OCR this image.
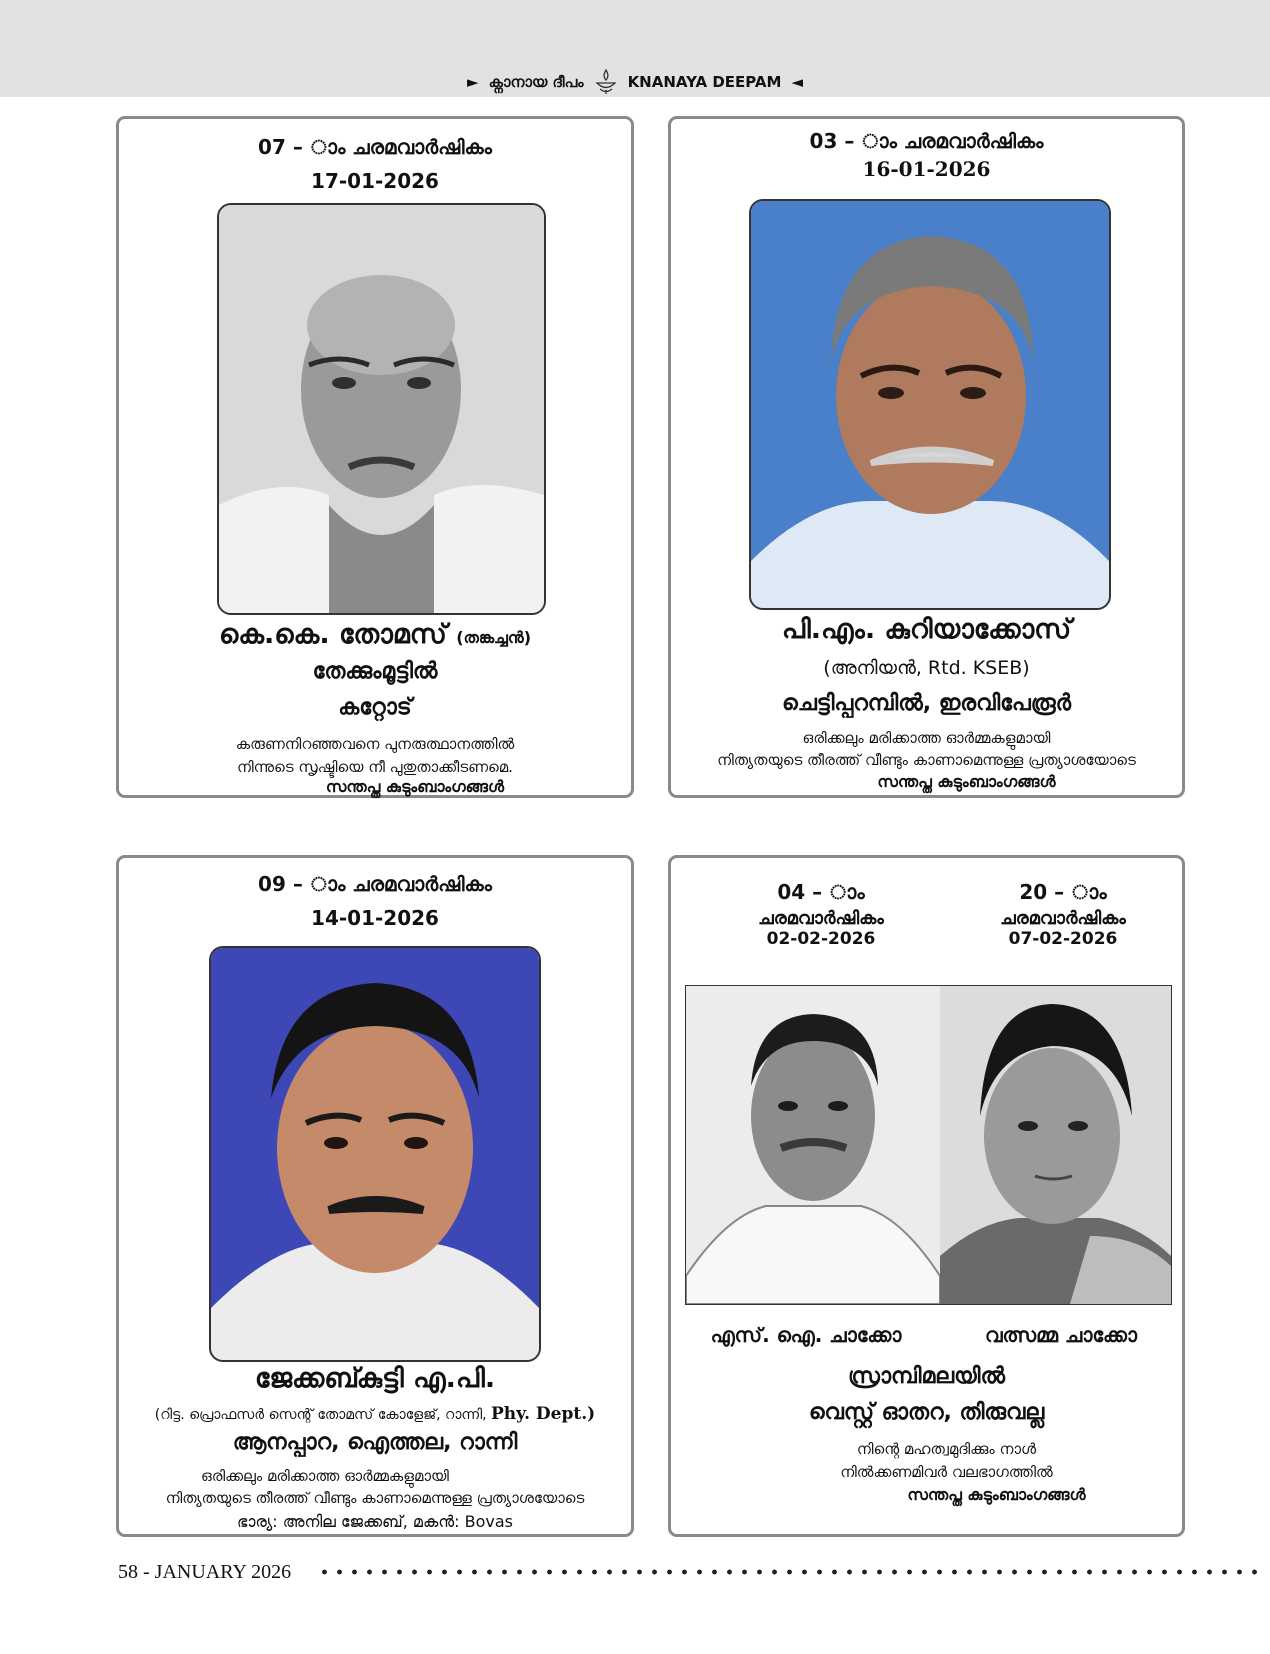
► ക്നാനായ ദീപം	KNANAYA DEEPAM ◄
07 – ാം ചരമവാർഷികം
17-01-2026
കെ.കെ. തോമസ് (തങ്കച്ചൻ)
തേക്കുംമൂട്ടിൽ
കറ്റോട്
കരുണനിറഞ്ഞവനെ പുനരുത്ഥാനത്തിൽ
നിന്നുടെ സൃഷ്ടിയെ നീ പുതുതാക്കീടണമെ.
സന്തപ്ത കുടുംബാംഗങ്ങൾ
03 – ാം ചരമവാർഷികം
16-01-2026
പി.എം. കുറിയാക്കോസ്
(അനിയൻ, Rtd. KSEB)
ചെട്ടിപ്പറമ്പിൽ, ഇരവിപേരൂർ
ഒരിക്കലും മരിക്കാത്ത ഓർമ്മകളുമായി
നിത്യതയുടെ തീരത്ത് വീണ്ടും കാണാമെന്നുള്ള പ്രത്യാശയോടെ
സന്തപ്ത കുടുംബാംഗങ്ങൾ
09 – ാം ചരമവാർഷികം
14-01-2026
ജേക്കബ്കുട്ടി എ.പി.
(റിട്ട. പ്രൊഫസർ സെന്റ് തോമസ് കോളേജ്, റാന്നി, Phy. Dept.)
ആനപ്പാറ, ഐത്തല, റാന്നി
ഒരിക്കലും മരിക്കാത്ത ഓർമ്മകളുമായി
നിത്യതയുടെ തീരത്ത് വീണ്ടും കാണാമെന്നുള്ള പ്രത്യാശയോടെ
ഭാര്യ: അനില ജേക്കബ്, മകൻ: Bovas
04 – ാം
ചരമവാർഷികം
02-02-2026
20 – ാം
ചരമവാർഷികം
07-02-2026
എസ്. ഐ. ചാക്കോ	വത്സമ്മ ചാക്കോ
സ്രാമ്പിമലയിൽ
വെസ്റ്റ് ഓതറ, തിരുവല്ല
നിന്റെ മഹത്വമുദിക്കും നാൾ
നിൽക്കണമിവർ വലഭാഗത്തിൽ
സന്തപ്ത കുടുംബാംഗങ്ങൾ
58 - JANUARY 2026
